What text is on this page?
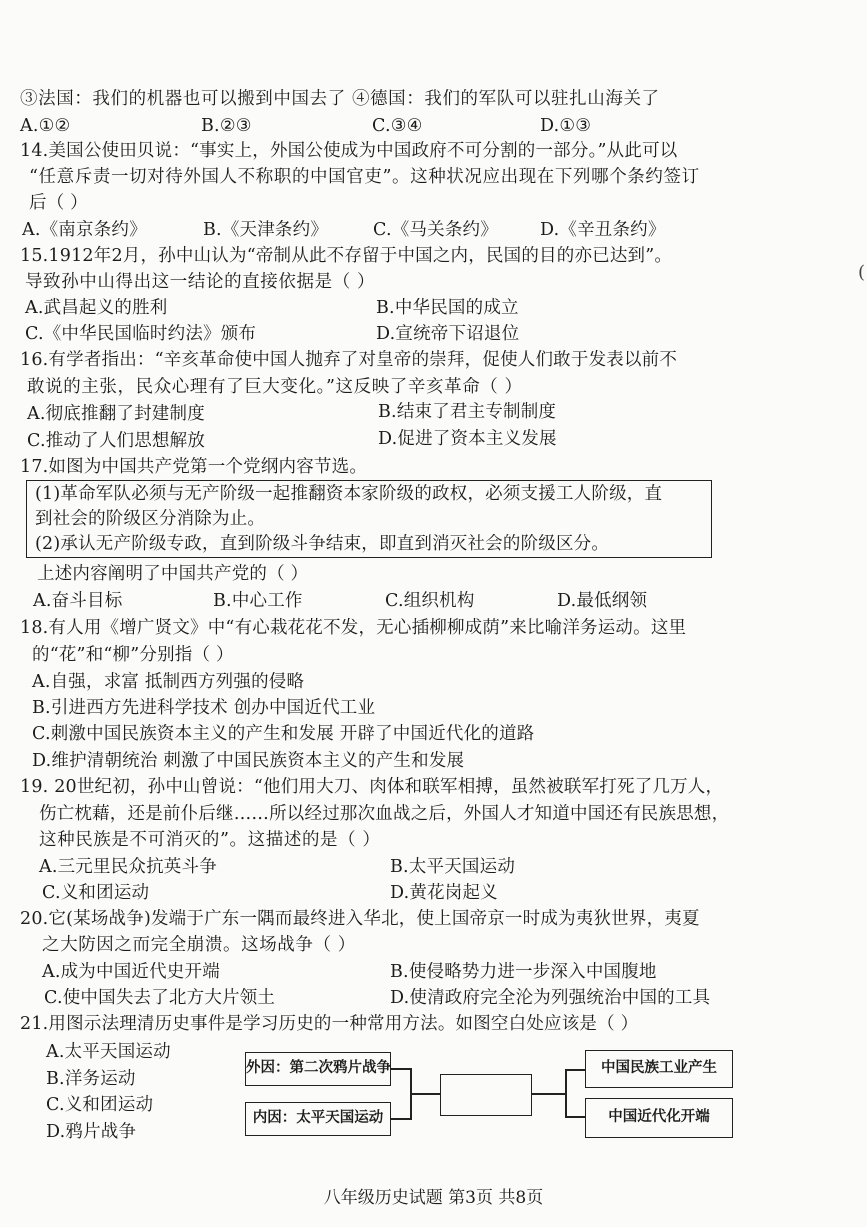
③法国：我们的机器也可以搬到中国去了 ④德国：我们的军队可以驻扎山海关了
A.①②	B.②③	C.③④	D.①③
14.美国公使田贝说：“事实上，外国公使成为中国政府不可分割的一部分。”从此可以
“任意斥责一切对待外国人不称职的中国官吏”。这种状况应出现在下列哪个条约签订
后（ ）
A.《南京条约》	B.《天津条约》	C.《马关条约》 D.《辛丑条约》
15.1912年2月，孙中山认为“帝制从此不存留于中国之内，民国的目的亦已达到”。
导致孙中山得出这一结论的直接依据是（ ）
A.武昌起义的胜利	B.中华民国的成立
C.《中华民国临时约法》颁布	D.宣统帝下诏退位
16.有学者指出：“辛亥革命使中国人抛弃了对皇帝的崇拜，促使人们敢于发表以前不
敢说的主张，民众心理有了巨大变化。”这反映了辛亥革命（ ）
A.彻底推翻了封建制度	B.结束了君主专制制度
C.推动了人们思想解放	D.促进了资本主义发展
17.如图为中国共产党第一个党纲内容节选。
(1)革命军队必须与无产阶级一起推翻资本家阶级的政权，必须支援工人阶级，直
到社会的阶级区分消除为止。
(2)承认无产阶级专政，直到阶级斗争结束，即直到消灭社会的阶级区分。
上述内容阐明了中国共产党的（ ）
A.奋斗目标	B.中心工作	C.组织机构	D.最低纲领
18.有人用《增广贤文》中“有心栽花花不发，无心插柳柳成荫”来比喻洋务运动。这里
的“花”和“柳”分别指（ ）
A.自强，求富 抵制西方列强的侵略
B.引进西方先进科学技术 创办中国近代工业
C.刺激中国民族资本主义的产生和发展 开辟了中国近代化的道路
D.维护清朝统治 刺激了中国民族资本主义的产生和发展
19. 20世纪初，孙中山曾说：“他们用大刀、肉体和联军相搏，虽然被联军打死了几万人，
伤亡枕藉，还是前仆后继……所以经过那次血战之后，外国人才知道中国还有民族思想，
这种民族是不可消灭的”。这描述的是（ ）
A.三元里民众抗英斗争	B.太平天国运动
C.义和团运动	D.黄花岗起义
20.它(某场战争)发端于广东一隅而最终进入华北，使上国帝京一时成为夷狄世界，夷夏
之大防因之而完全崩溃。这场战争（ ）
A.成为中国近代史开端	B.使侵略势力进一步深入中国腹地
C.使中国失去了北方大片领土	D.使清政府完全沦为列强统治中国的工具
21.用图示法理清历史事件是学习历史的一种常用方法。如图空白处应该是（ ）
A.太平天国运动
B.洋务运动
C.义和团运动
D.鸦片战争
外因：第二次鸦片战争
内因：太平天国运动
中国民族工业产生
中国近代化开端
(
八年级历史试题 第3页 共8页
